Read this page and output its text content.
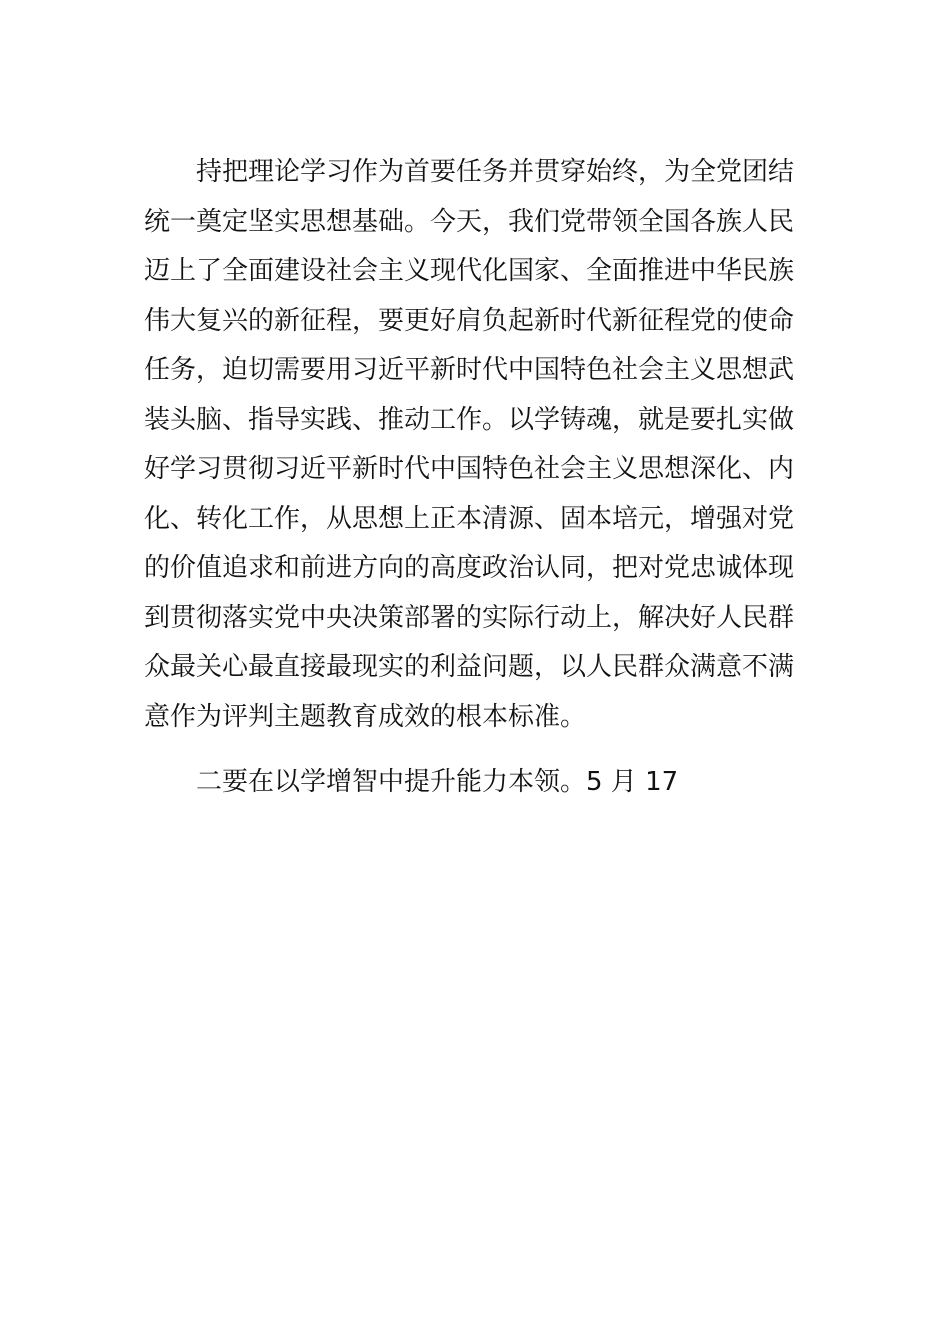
持把理论学习作为首要任务并贯穿始终，为全党团结
统一奠定坚实思想基础。今天，我们党带领全国各族人民
迈上了全面建设社会主义现代化国家、全面推进中华民族
伟大复兴的新征程，要更好肩负起新时代新征程党的使命
任务，迫切需要用习近平新时代中国特色社会主义思想武
装头脑、指导实践、推动工作。以学铸魂，就是要扎实做
好学习贯彻习近平新时代中国特色社会主义思想深化、内
化、转化工作，从思想上正本清源、固本培元，增强对党
的价值追求和前进方向的高度政治认同，把对党忠诚体现
到贯彻落实党中央决策部署的实际行动上，解决好人民群
众最关心最直接最现实的利益问题，以人民群众满意不满
意作为评判主题教育成效的根本标准。
二要在以学增智中提升能力本领。5 月 17
